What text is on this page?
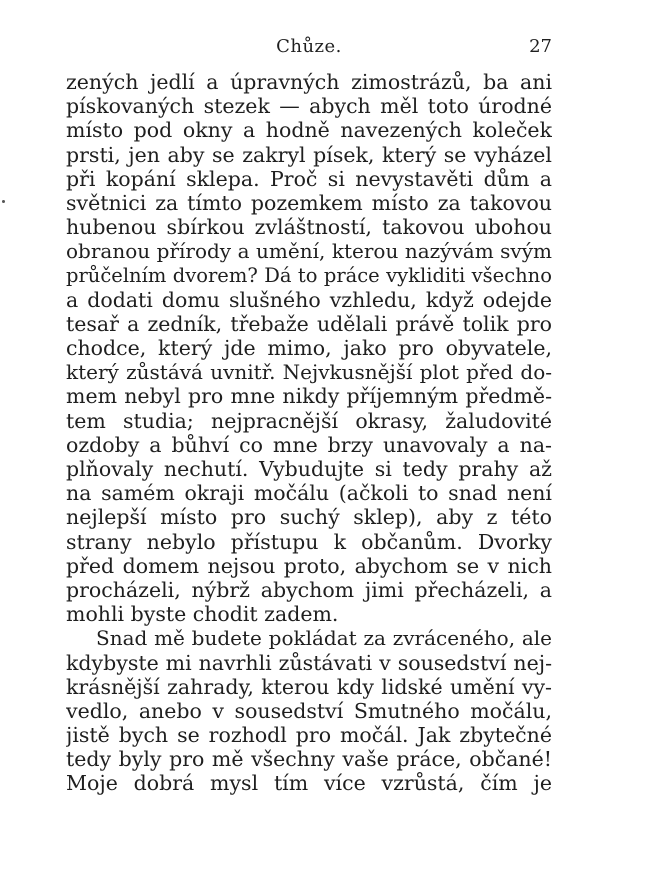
Chůze.	27
zených jedlí a úpravných zimostrázů, ba ani
pískovaných stezek — abych měl toto úrodné
místo pod okny a hodně navezených koleček
prsti, jen aby se zakryl písek, který se vyházel
při kopání sklepa. Proč si nevystavěti dům a
světnici za tímto pozemkem místo za takovou
hubenou sbírkou zvláštností, takovou ubohou
obranou přírody a umění, kterou nazývám svým
průčelním dvorem? Dá to práce vykliditi všechno
a dodati domu slušného vzhledu, když odejde
tesař a zedník, třebaže udělali právě tolik pro
chodce, který jde mimo, jako pro obyvatele,
který zůstává uvnitř. Nejvkusnější plot před do-
mem nebyl pro mne nikdy příjemným předmě-
tem studia; nejpracnější okrasy, žaludovité
ozdoby a bůhví co mne brzy unavovaly a na-
plňovaly nechutí. Vybudujte si tedy prahy až
na samém okraji močálu (ačkoli to snad není
nejlepší místo pro suchý sklep), aby z této
strany nebylo přístupu k občanům. Dvorky
před domem nejsou proto, abychom se v nich
procházeli, nýbrž abychom jimi přecházeli, a
mohli byste chodit zadem.
Snad mě budete pokládat za zvráceného, ale
kdybyste mi navrhli zůstávati v sousedství nej-
krásnější zahrady, kterou kdy lidské umění vy-
vedlo, anebo v sousedství Smutného močálu,
jistě bych se rozhodl pro močál. Jak zbytečné
tedy byly pro mě všechny vaše práce, občané!
Moje dobrá mysl tím více vzrůstá, čím je
